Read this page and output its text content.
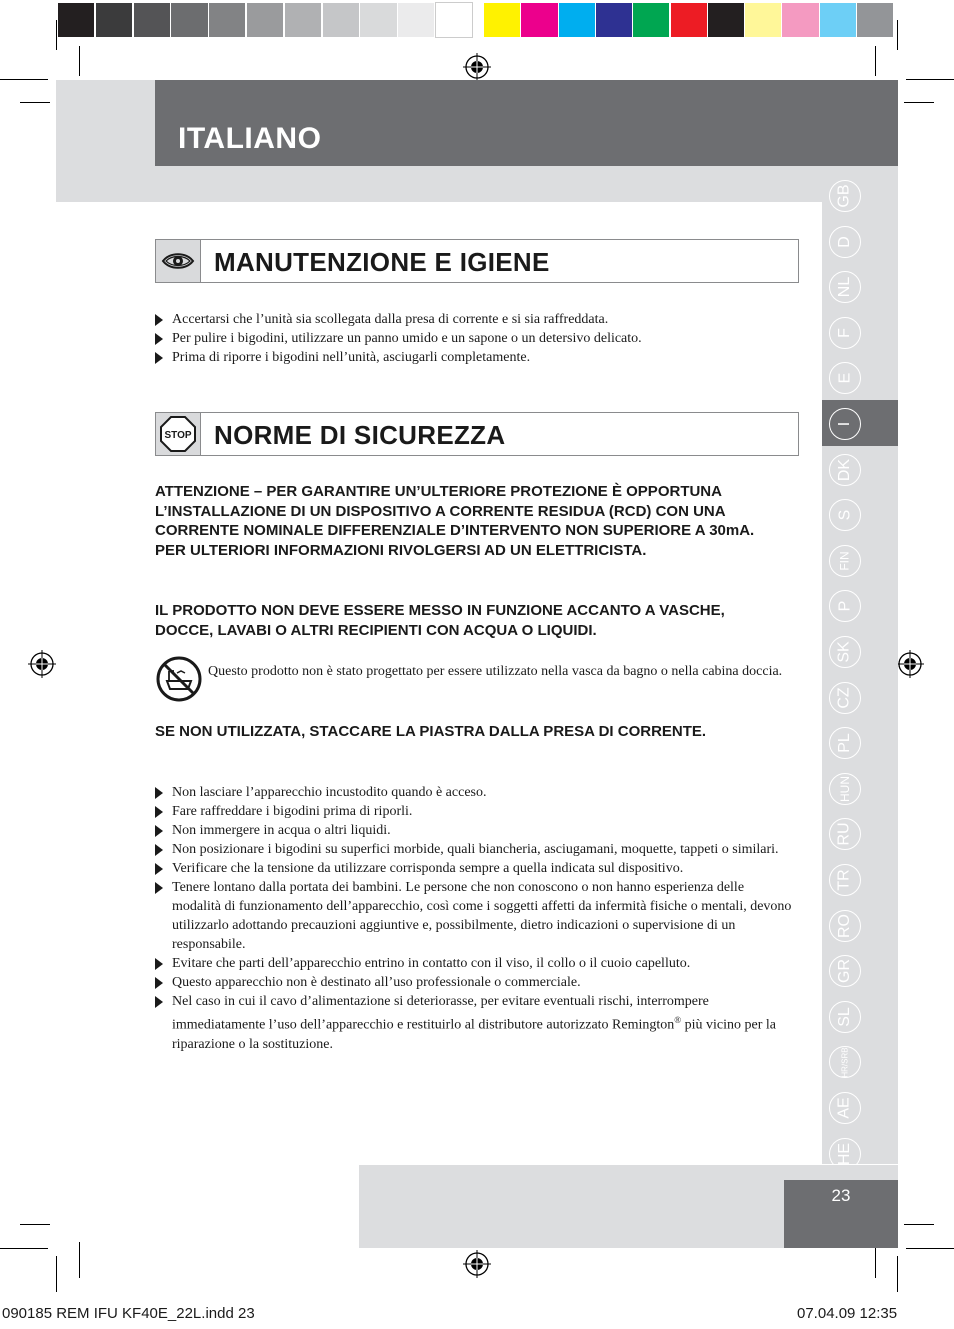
ITALIANO
GB
D
NL
F
E
I
DK
S
FIN
P
SK
CZ
PL
HUN
RU
TR
RO
GR
SL
HR/SRB
AE
HE
MANUTENZIONE E IGIENE
Accertarsi che l’unità sia scollegata dalla presa di corrente e si sia raffreddata.
Per pulire i bigodini, utilizzare un panno umido e un sapone o un detersivo delicato.
Prima di riporre i bigodini nell’unità, asciugarli completamente.
STOP NORME DI SICUREZZA
ATTENZIONE – PER GARANTIRE UN’ULTERIORE PROTEZIONE È OPPORTUNA L’INSTALLAZIONE DI UN DISPOSITIVO A CORRENTE RESIDUA (RCD) CON UNA CORRENTE NOMINALE DIFFERENZIALE D’INTERVENTO NON SUPERIORE A 30mA. PER ULTERIORI INFORMAZIONI RIVOLGERSI AD UN ELETTRICISTA.
IL PRODOTTO NON DEVE ESSERE MESSO IN FUNZIONE ACCANTO A VASCHE, DOCCE, LAVABI O ALTRI RECIPIENTI CON ACQUA O LIQUIDI.
Questo prodotto non è stato progettato per essere utilizzato nella vasca da bagno o nella cabina doccia.
SE NON UTILIZZATA, STACCARE LA PIASTRA DALLA PRESA DI CORRENTE.
Non lasciare l’apparecchio incustodito quando è acceso.
Fare raffreddare i bigodini prima di riporli.
Non immergere in acqua o altri liquidi.
Non posizionare i bigodini su superfici morbide, quali biancheria, asciugamani, moquette, tappeti o similari.
Verificare che la tensione da utilizzare corrisponda sempre a quella indicata sul dispositivo.
Tenere lontano dalla portata dei bambini. Le persone che non conoscono o non hanno esperienza delle modalità di funzionamento dell’apparecchio, così come i soggetti affetti da infermità fisiche o mentali, devono utilizzarlo adottando precauzioni aggiuntive e, possibilmente, dietro indicazioni o supervisione di un responsabile.
Evitare che parti dell’apparecchio entrino in contatto con il viso, il collo o il cuoio capelluto.
Questo apparecchio non è destinato all’uso professionale o commerciale.
Nel caso in cui il cavo d’alimentazione si deteriorasse, per evitare eventuali rischi, interrompere immediatamente l’uso dell’apparecchio e restituirlo al distributore autorizzato Remington® più vicino per la riparazione o la sostituzione.
23
090185 REM IFU KF40E_22L.indd 23	07.04.09 12:35
